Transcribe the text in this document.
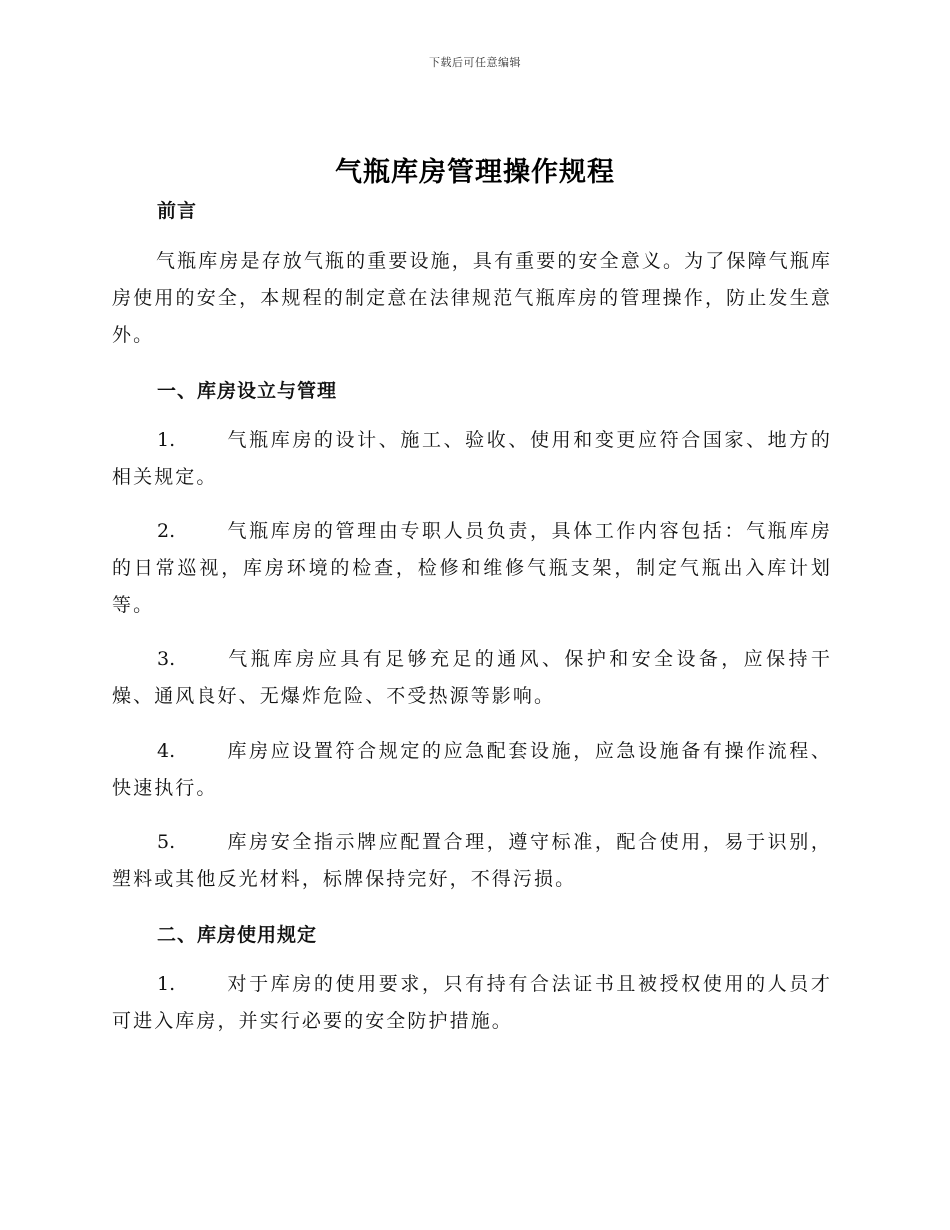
下载后可任意编辑
气瓶库房管理操作规程
前言
气瓶库房是存放气瓶的重要设施，具有重要的安全意义。为了保障气瓶库房使用的安全，本规程的制定意在法律规范气瓶库房的管理操作，防止发生意外。
一、库房设立与管理
1.	气瓶库房的设计、施工、验收、使用和变更应符合国家、地方的相关规定。
2.	气瓶库房的管理由专职人员负责，具体工作内容包括：气瓶库房的日常巡视，库房环境的检查，检修和维修气瓶支架，制定气瓶出入库计划等。
3.	气瓶库房应具有足够充足的通风、保护和安全设备，应保持干燥、通风良好、无爆炸危险、不受热源等影响。
4.	库房应设置符合规定的应急配套设施，应急设施备有操作流程、快速执行。
5.	库房安全指示牌应配置合理，遵守标准，配合使用，易于识别，塑料或其他反光材料，标牌保持完好，不得污损。
二、库房使用规定
1.	对于库房的使用要求，只有持有合法证书且被授权使用的人员才可进入库房，并实行必要的安全防护措施。
